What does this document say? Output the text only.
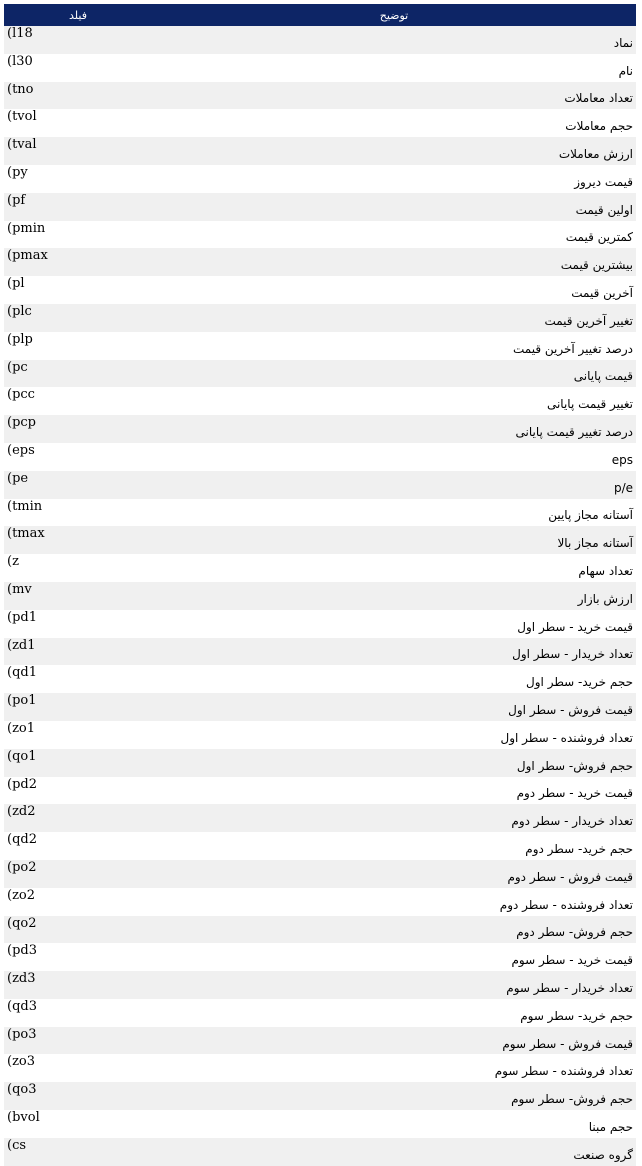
فیلد	توضیح
(l18	نماد
(l30	نام
(tno	تعداد معاملات
(tvol	حجم معاملات
(tval	ارزش معاملات
(py	قیمت دیروز
(pf	اولین قیمت
(pmin	کمترین قیمت
(pmax	بیشترین قیمت
(pl	آخرین قیمت
(plc	تغییر آخرین قیمت
(plp	درصد تغییر آخرین قیمت
(pc	قیمت پایانی
(pcc	تغییر قیمت پایانی
(pcp	درصد تغییر قیمت پایانی
(eps	eps
(pe	p/e
(tmin	آستانه مجاز پایین
(tmax	آستانه مجاز بالا
(z	تعداد سهام
(mv	ارزش بازار
(pd1	قیمت خرید - سطر اول
(zd1	تعداد خریدار - سطر اول
(qd1	حجم خرید- سطر اول
(po1	قیمت فروش - سطر اول
(zo1	تعداد فروشنده - سطر اول
(qo1	حجم فروش- سطر اول
(pd2	قیمت خرید - سطر دوم
(zd2	تعداد خریدار - سطر دوم
(qd2	حجم خرید- سطر دوم
(po2	قیمت فروش - سطر دوم
(zo2	تعداد فروشنده - سطر دوم
(qo2	حجم فروش- سطر دوم
(pd3	قیمت خرید - سطر سوم
(zd3	تعداد خریدار - سطر سوم
(qd3	حجم خرید- سطر سوم
(po3	قیمت فروش - سطر سوم
(zo3	تعداد فروشنده - سطر سوم
(qo3	حجم فروش- سطر سوم
(bvol	حجم مبنا
(cs	گروه صنعت
